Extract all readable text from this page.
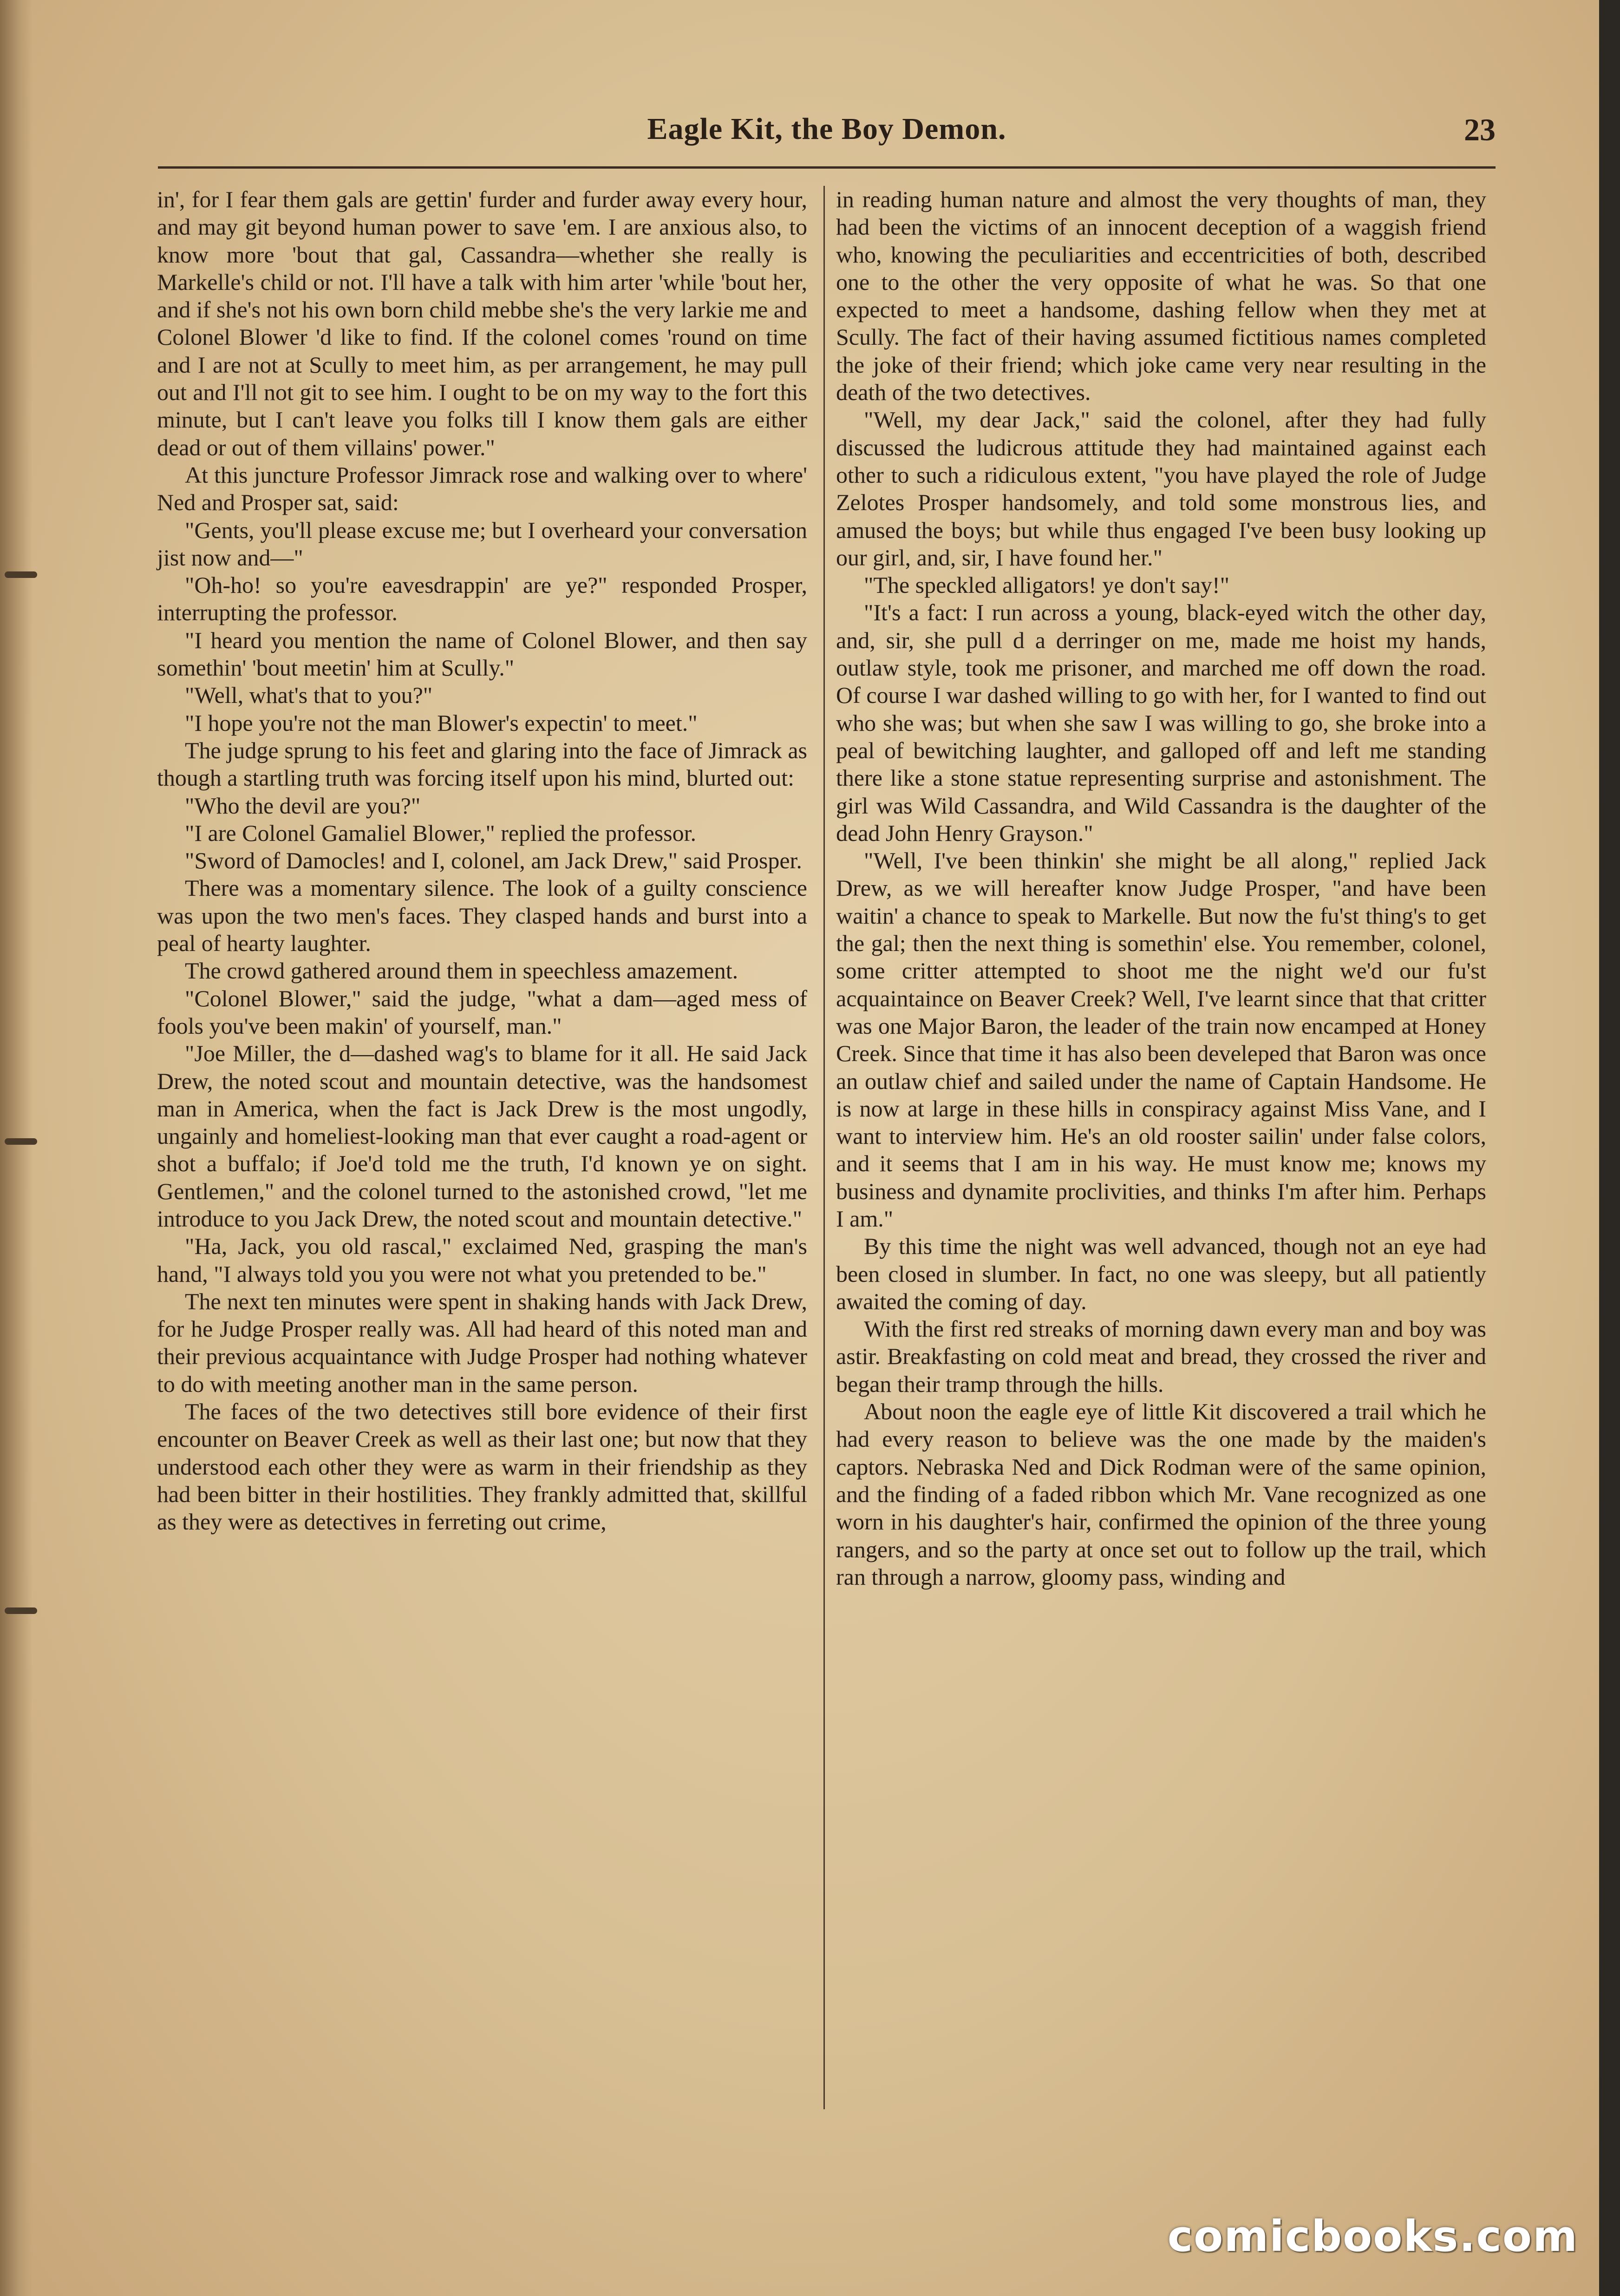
Eagle Kit, the Boy Demon.	23

in', for I fear them gals are gettin' furder and furder away every hour, and may git beyond human power to save 'em. I are anxious also, to know more 'bout that gal, Cassandra—whether she really is Markelle's child or not. I'll have a talk with him arter 'while 'bout her, and if she's not his own born child mebbe she's the very larkie me and Colonel Blower 'd like to find. If the colonel comes 'round on time and I are not at Scully to meet him, as per arrangement, he may pull out and I'll not git to see him. I ought to be on my way to the fort this minute, but I can't leave you folks till I know them gals are either dead or out of them villains' power."

At this juncture Professor Jimrack rose and walking over to where' Ned and Prosper sat, said:

"Gents, you'll please excuse me; but I overheard your conversation jist now and—"

"Oh-ho! so you're eavesdrappin' are ye?" responded Prosper, interrupting the professor.

"I heard you mention the name of Colonel Blower, and then say somethin' 'bout meetin' him at Scully."

"Well, what's that to you?"

"I hope you're not the man Blower's expectin' to meet."

The judge sprung to his feet and glaring into the face of Jimrack as though a startling truth was forcing itself upon his mind, blurted out:

"Who the devil are you?"

"I are Colonel Gamaliel Blower," replied the professor.

"Sword of Damocles! and I, colonel, am Jack Drew," said Prosper.

There was a momentary silence. The look of a guilty conscience was upon the two men's faces. They clasped hands and burst into a peal of hearty laughter.

The crowd gathered around them in speechless amazement.

"Colonel Blower," said the judge, "what a dam—aged mess of fools you've been makin' of yourself, man."

"Joe Miller, the d—dashed wag's to blame for it all. He said Jack Drew, the noted scout and mountain detective, was the handsomest man in America, when the fact is Jack Drew is the most ungodly, ungainly and homeliest-looking man that ever caught a road-agent or shot a buffalo; if Joe'd told me the truth, I'd known ye on sight. Gentlemen," and the colonel turned to the astonished crowd, "let me introduce to you Jack Drew, the noted scout and mountain detective."

"Ha, Jack, you old rascal," exclaimed Ned, grasping the man's hand, "I always told you you were not what you pretended to be."

The next ten minutes were spent in shaking hands with Jack Drew, for he Judge Prosper really was. All had heard of this noted man and their previous acquaintance with Judge Prosper had nothing whatever to do with meeting another man in the same person.

The faces of the two detectives still bore evidence of their first encounter on Beaver Creek as well as their last one; but now that they understood each other they were as warm in their friendship as they had been bitter in their hostilities. They frankly admitted that, skillful as they were as detectives in ferreting out crime,

in reading human nature and almost the very thoughts of man, they had been the victims of an innocent deception of a waggish friend who, knowing the peculiarities and eccentricities of both, described one to the other the very opposite of what he was. So that one expected to meet a handsome, dashing fellow when they met at Scully. The fact of their having assumed fictitious names completed the joke of their friend; which joke came very near resulting in the death of the two detectives.

"Well, my dear Jack," said the colonel, after they had fully discussed the ludicrous attitude they had maintained against each other to such a ridiculous extent, "you have played the role of Judge Zelotes Prosper handsomely, and told some monstrous lies, and amused the boys; but while thus engaged I've been busy looking up our girl, and, sir, I have found her."

"The speckled alligators! ye don't say!"

"It's a fact: I run across a young, black-eyed witch the other day, and, sir, she pull d a derringer on me, made me hoist my hands, outlaw style, took me prisoner, and marched me off down the road. Of course I war dashed willing to go with her, for I wanted to find out who she was; but when she saw I was willing to go, she broke into a peal of bewitching laughter, and galloped off and left me standing there like a stone statue representing surprise and astonishment. The girl was Wild Cassandra, and Wild Cassandra is the daughter of the dead John Henry Grayson."

"Well, I've been thinkin' she might be all along," replied Jack Drew, as we will hereafter know Judge Prosper, "and have been waitin' a chance to speak to Markelle. But now the fu'st thing's to get the gal; then the next thing is somethin' else. You remember, colonel, some critter attempted to shoot me the night we'd our fu'st acquaintaince on Beaver Creek? Well, I've learnt since that that critter was one Major Baron, the leader of the train now encamped at Honey Creek. Since that time it has also been develeped that Baron was once an outlaw chief and sailed under the name of Captain Handsome. He is now at large in these hills in conspiracy against Miss Vane, and I want to interview him. He's an old rooster sailin' under false colors, and it seems that I am in his way. He must know me; knows my business and dynamite proclivities, and thinks I'm after him. Perhaps I am."

By this time the night was well advanced, though not an eye had been closed in slumber. In fact, no one was sleepy, but all patiently awaited the coming of day.

With the first red streaks of morning dawn every man and boy was astir. Breakfasting on cold meat and bread, they crossed the river and began their tramp through the hills.

About noon the eagle eye of little Kit discovered a trail which he had every reason to believe was the one made by the maiden's captors. Nebraska Ned and Dick Rodman were of the same opinion, and the finding of a faded ribbon which Mr. Vane recognized as one worn in his daughter's hair, confirmed the opinion of the three young rangers, and so the party at once set out to follow up the trail, which ran through a narrow, gloomy pass, winding and

comicbooks.com
